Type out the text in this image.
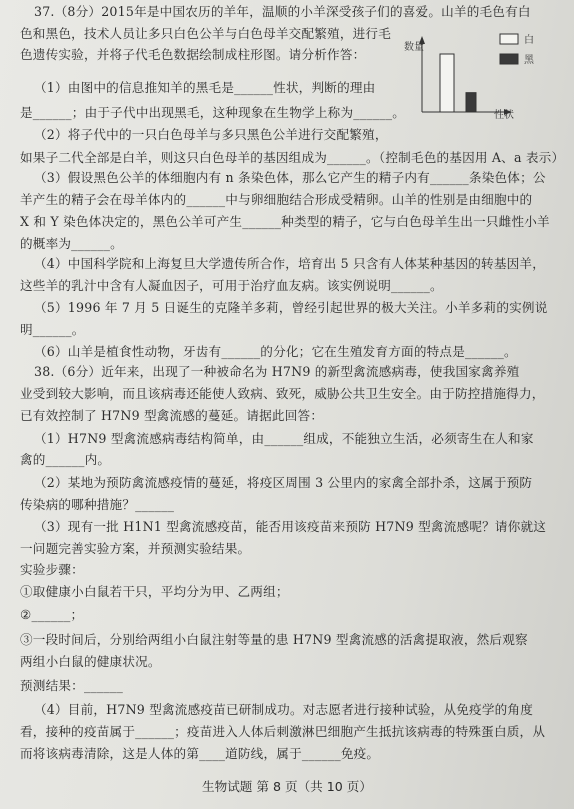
37.（8分）2015年是中国农历的羊年，温顺的小羊深受孩子们的喜爱。山羊的毛色有白
色和黑色，技术人员让多只白色公羊与白色母羊交配繁殖，进行毛
色遗传实验，并将子代毛色数据绘制成柱形图。请分析作答：
（1）由图中的信息推知羊的黑毛是______性状，判断的理由
是______；由于子代中出现黑毛，这种现象在生物学上称为______。
（2）将子代中的一只白色母羊与多只黑色公羊进行交配繁殖，
如果子二代全部是白羊，则这只白色母羊的基因组成为______。（控制毛色的基因用 A、a 表示）
（3）假设黑色公羊的体细胞内有 n 条染色体，那么它产生的精子内有______条染色体；公
羊产生的精子会在母羊体内的______中与卵细胞结合形成受精卵。山羊的性别是由细胞中的
X 和 Y 染色体决定的，黑色公羊可产生______种类型的精子，它与白色母羊生出一只雌性小羊
的概率为______。
（4）中国科学院和上海复旦大学遗传所合作，培育出 5 只含有人体某种基因的转基因羊，
这些羊的乳汁中含有人凝血因子，可用于治疗血友病。该实例说明______。
（5）1996 年 7 月 5 日诞生的克隆羊多莉，曾经引起世界的极大关注。小羊多莉的实例说
明______。
（6）山羊是植食性动物，牙齿有______的分化；它在生殖发育方面的特点是______。
38.（6分）近年来，出现了一种被命名为 H7N9 的新型禽流感病毒，使我国家禽养殖
业受到较大影响，而且该病毒还能使人致病、致死，威胁公共卫生安全。由于防控措施得力，
已有效控制了 H7N9 型禽流感的蔓延。请据此回答：
（1）H7N9 型禽流感病毒结构简单，由______组成，不能独立生活，必须寄生在人和家
禽的______内。
（2）某地为预防禽流感疫情的蔓延，将疫区周围 3 公里内的家禽全部扑杀，这属于预防
传染病的哪种措施？______
（3）现有一批 H1N1 型禽流感疫苗，能否用该疫苗来预防 H7N9 型禽流感呢？请你就这
一问题完善实验方案，并预测实验结果。
实验步骤：
①取健康小白鼠若干只，平均分为甲、乙两组；
②______；
③一段时间后，分别给两组小白鼠注射等量的患 H7N9 型禽流感的活禽提取液，然后观察
两组小白鼠的健康状况。
预测结果：______
（4）目前，H7N9 型禽流感疫苗已研制成功。对志愿者进行接种试验，从免疫学的角度
看，接种的疫苗属于______；疫苗进入人体后刺激淋巴细胞产生抵抗该病毒的特殊蛋白质，从
而将该病毒清除，这是人体的第____道防线，属于______免疫。
数量
性状
白
黑
生物试题 第 8 页（共 10 页）
